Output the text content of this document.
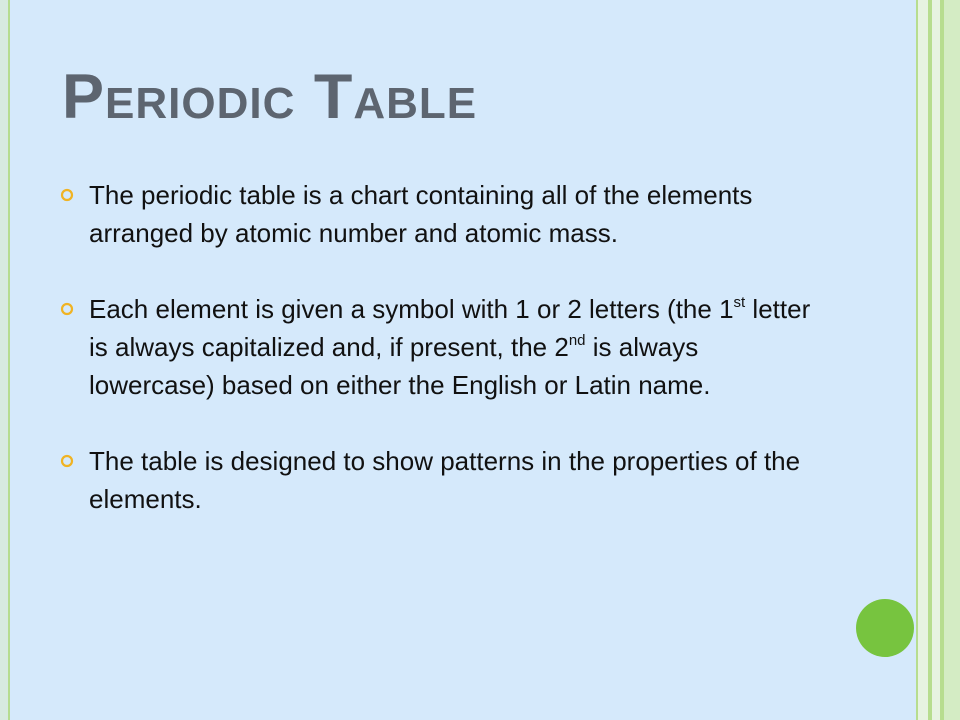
Periodic Table
The periodic table is a chart containing all of the elements arranged by atomic number and atomic mass.
Each element is given a symbol with 1 or 2 letters (the 1st letter is always capitalized and, if present, the 2nd is always lowercase) based on either the English or Latin name.
The table is designed to show patterns in the properties of the elements.
